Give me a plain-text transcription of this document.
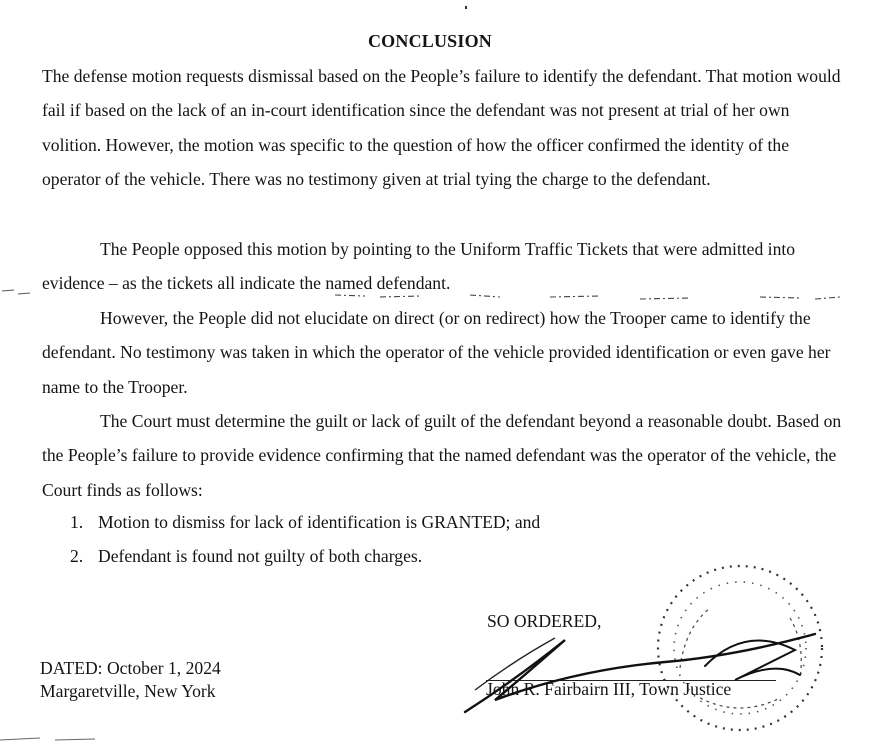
CONCLUSION

The defense motion requests dismissal based on the People’s failure to identify the defendant. That motion would fail if based on the lack of an in-court identification since the defendant was not present at trial of her own volition. However, the motion was specific to the question of how the officer confirmed the identity of the operator of the vehicle. There was no testimony given at trial tying the charge to the defendant.

The People opposed this motion by pointing to the Uniform Traffic Tickets that were admitted into evidence – as the tickets all indicate the named defendant.

However, the People did not elucidate on direct (or on redirect) how the Trooper came to identify the defendant. No testimony was taken in which the operator of the vehicle provided identification or even gave her name to the Trooper.

The Court must determine the guilt or lack of guilt of the defendant beyond a reasonable doubt. Based on the People’s failure to provide evidence confirming that the named defendant was the operator of the vehicle, the Court finds as follows:

1. Motion to dismiss for lack of identification is GRANTED; and
2. Defendant is found not guilty of both charges.
SO ORDERED,
DATED: October 1, 2024
Margaretville, New York	John R. Fairbairn III, Town Justice
